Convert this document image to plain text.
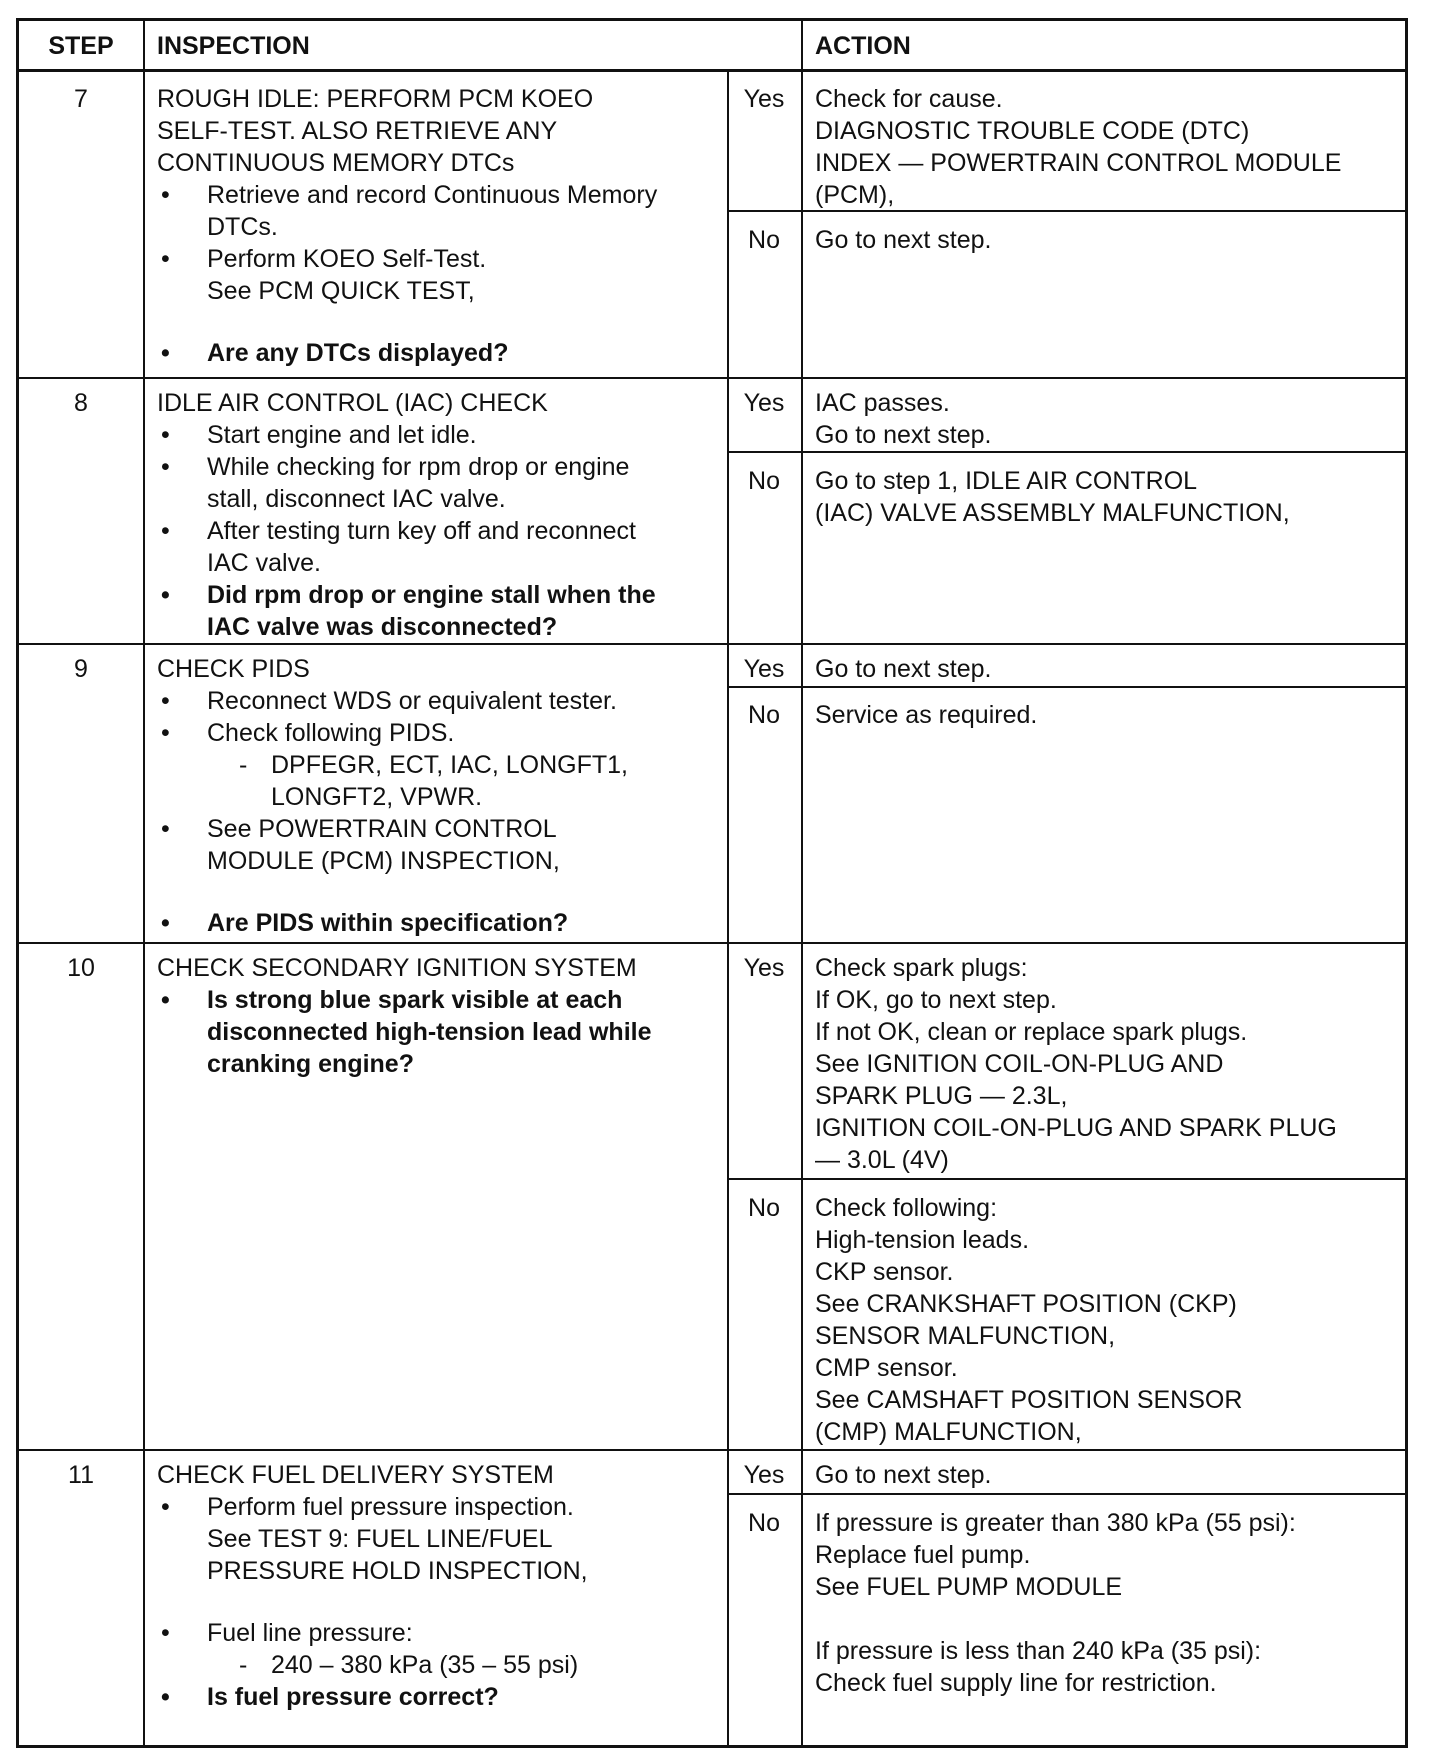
STEP	INSPECTION	ACTION
7	ROUGH IDLE: PERFORM PCM KOEO
SELF-TEST. ALSO RETRIEVE ANY
CONTINUOUS MEMORY DTCs
• Retrieve and record Continuous Memory
DTCs.
• Perform KOEO Self-Test.
See PCM QUICK TEST,
• Are any DTCs displayed?
Yes	Check for cause.
DIAGNOSTIC TROUBLE CODE (DTC)
INDEX — POWERTRAIN CONTROL MODULE
(PCM),
No	Go to next step.
8	IDLE AIR CONTROL (IAC) CHECK
• Start engine and let idle.
• While checking for rpm drop or engine
stall, disconnect IAC valve.
• After testing turn key off and reconnect
IAC valve.
• Did rpm drop or engine stall when the
IAC valve was disconnected?
Yes	IAC passes.
Go to next step.
No	Go to step 1, IDLE AIR CONTROL
(IAC) VALVE ASSEMBLY MALFUNCTION,
9	CHECK PIDS
• Reconnect WDS or equivalent tester.
• Check following PIDS.
- DPFEGR, ECT, IAC, LONGFT1,
LONGFT2, VPWR.
• See POWERTRAIN CONTROL
MODULE (PCM) INSPECTION,
• Are PIDS within specification?
Yes	Go to next step.
No	Service as required.
10	CHECK SECONDARY IGNITION SYSTEM
• Is strong blue spark visible at each
disconnected high-tension lead while
cranking engine?
Yes	Check spark plugs:
If OK, go to next step.
If not OK, clean or replace spark plugs.
See IGNITION COIL-ON-PLUG AND
SPARK PLUG — 2.3L,
IGNITION COIL-ON-PLUG AND SPARK PLUG
— 3.0L (4V)
No	Check following:
High-tension leads.
CKP sensor.
See CRANKSHAFT POSITION (CKP)
SENSOR MALFUNCTION,
CMP sensor.
See CAMSHAFT POSITION SENSOR
(CMP) MALFUNCTION,
11	CHECK FUEL DELIVERY SYSTEM
• Perform fuel pressure inspection.
See TEST 9: FUEL LINE/FUEL
PRESSURE HOLD INSPECTION,
• Fuel line pressure:
- 240 – 380 kPa (35 – 55 psi)
• Is fuel pressure correct?
Yes	Go to next step.
No	If pressure is greater than 380 kPa (55 psi):
Replace fuel pump.
See FUEL PUMP MODULE
If pressure is less than 240 kPa (35 psi):
Check fuel supply line for restriction.
